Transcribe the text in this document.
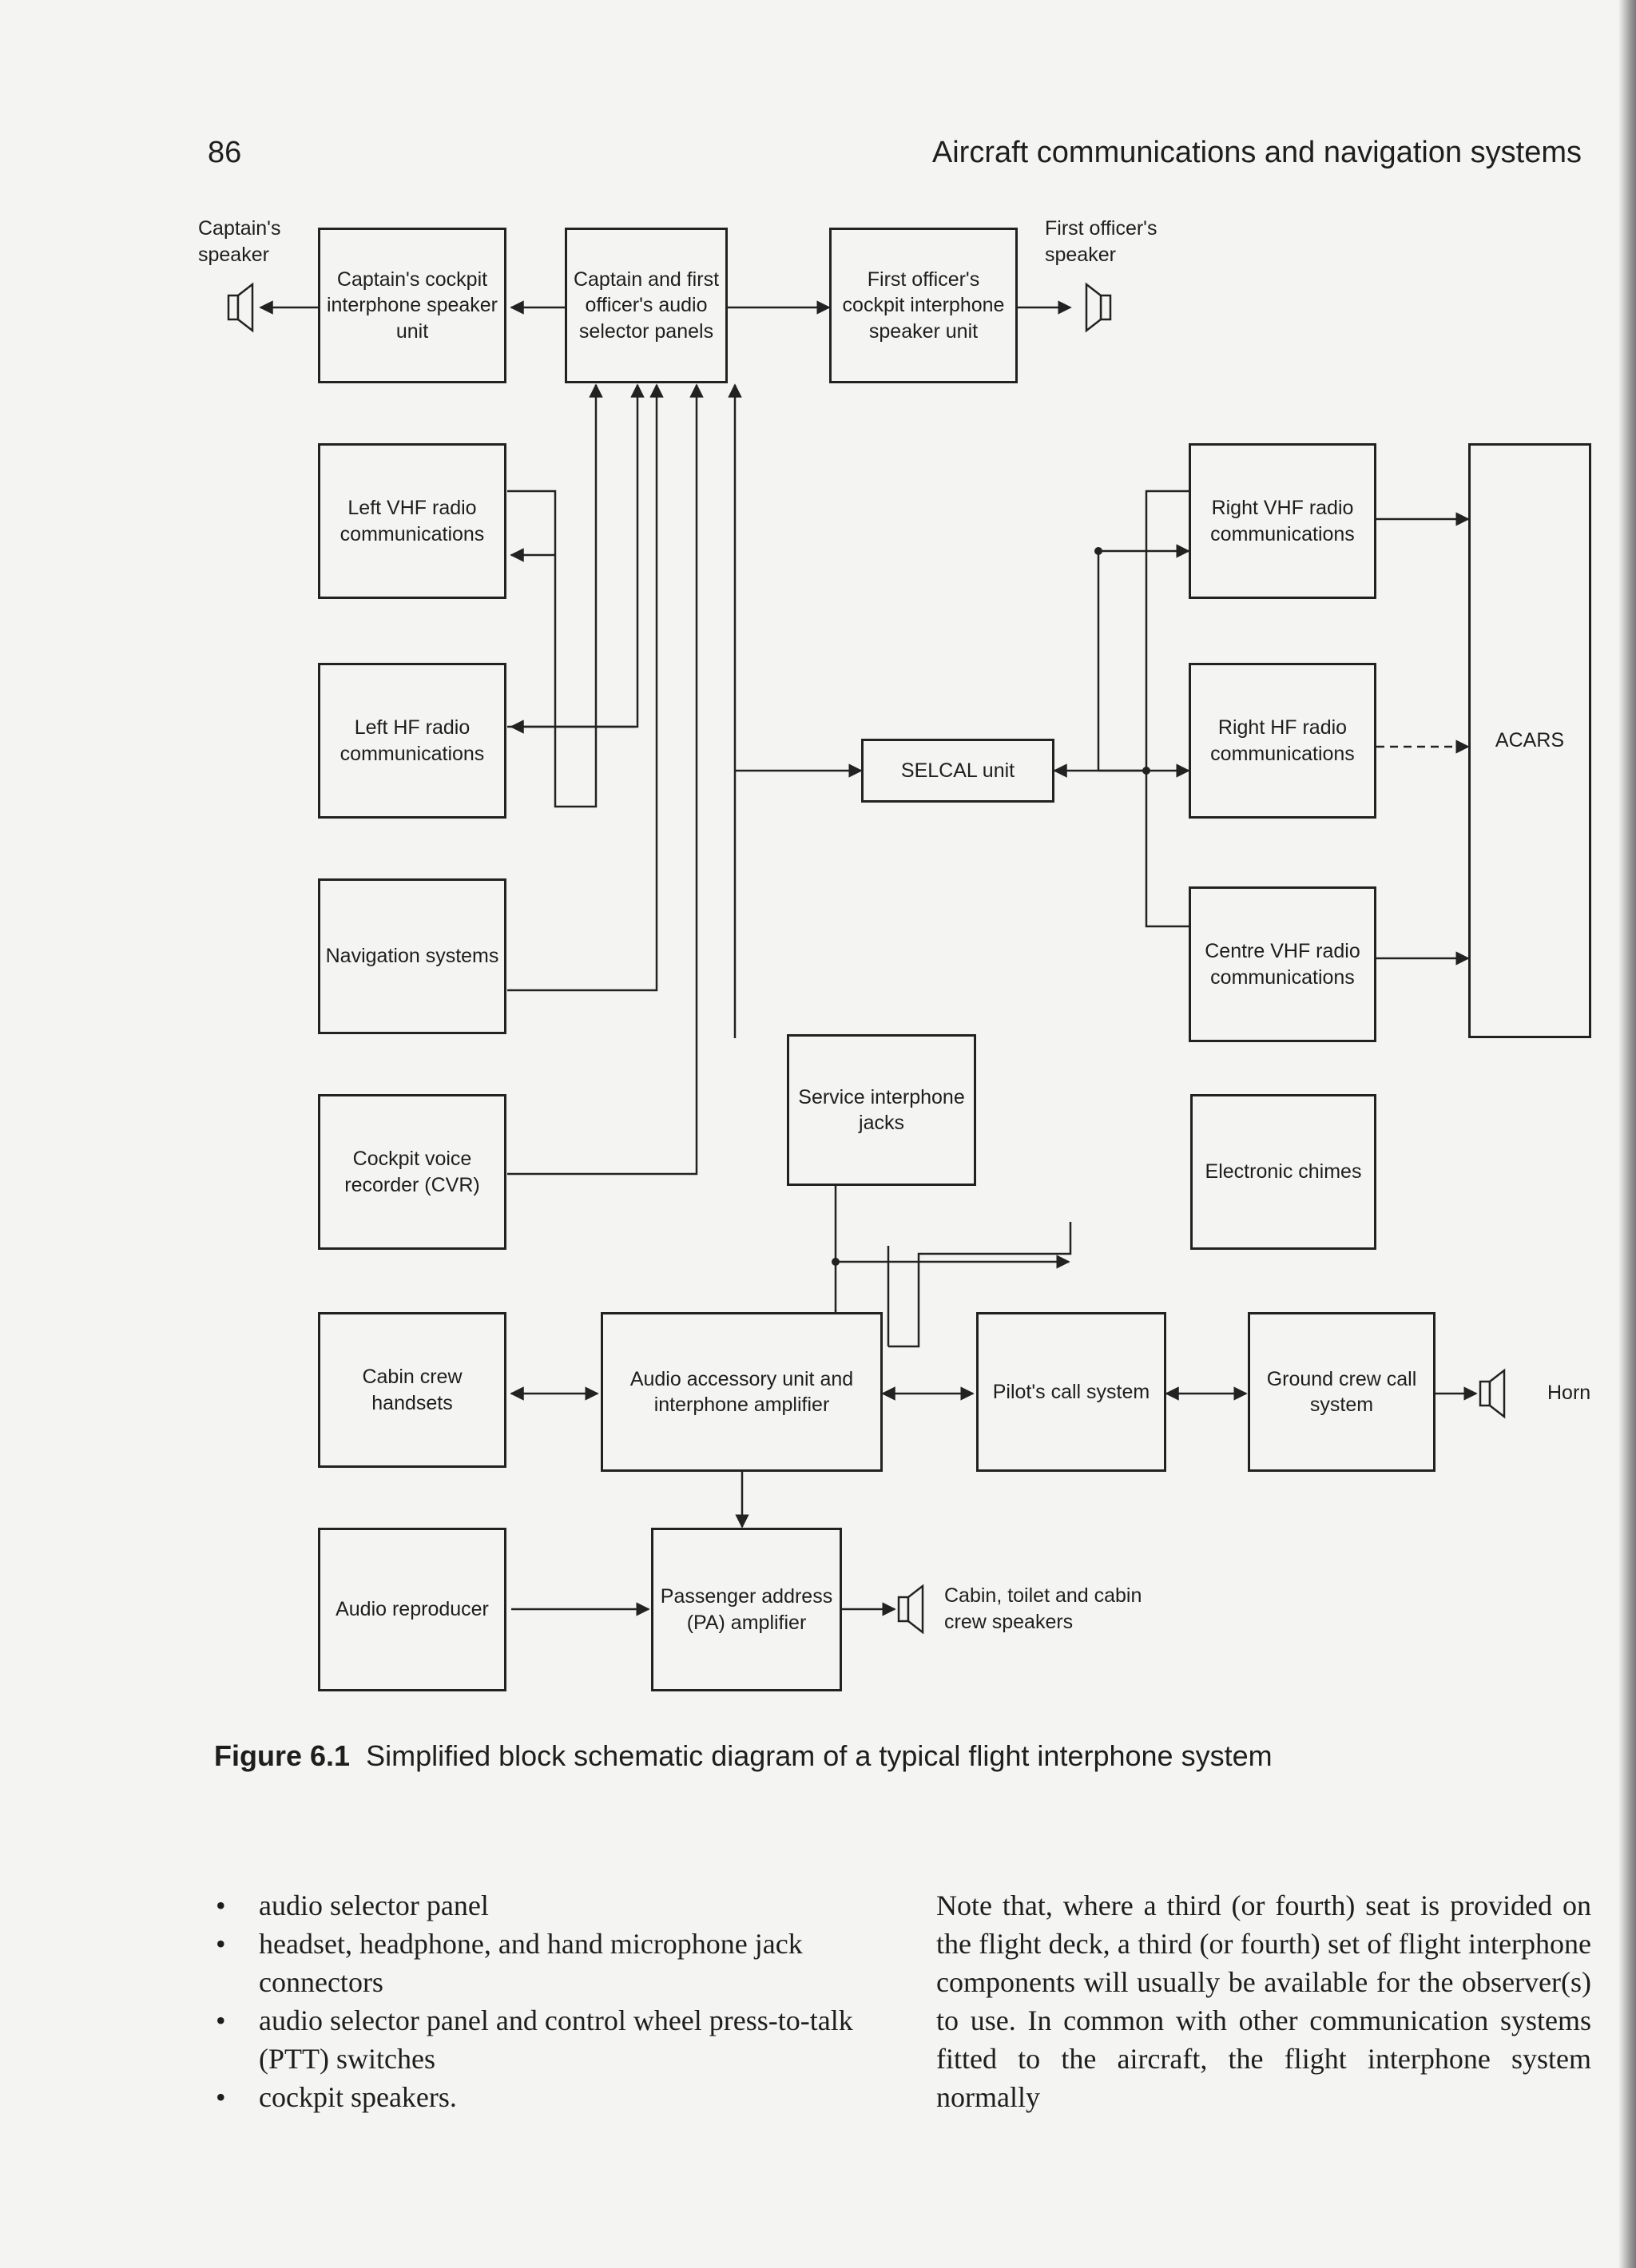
86	Aircraft communications and navigation systems
Captain's speaker
First officer's speaker
Captain's cockpit interphone speaker unit
Captain and first officer's audio selector panels
First officer's cockpit interphone speaker unit
Left VHF radio communications
Left HF radio communications
Navigation systems
Cockpit voice recorder (CVR)
Cabin crew handsets
Audio reproducer
SELCAL unit
Service interphone jacks
Audio accessory unit and interphone amplifier
Passenger address (PA) amplifier
Right VHF radio communications
Right HF radio communications
Centre VHF radio communications
ACARS
Electronic chimes
Pilot's call system
Ground crew call system
Horn
Cabin, toilet and cabin crew speakers
Figure 6.1 Simplified block schematic diagram of a typical flight interphone system
• audio selector panel
• headset, headphone, and hand microphone jack connectors
• audio selector panel and control wheel press-to-talk (PTT) switches
• cockpit speakers.
Note that, where a third (or fourth) seat is provided on the flight deck, a third (or fourth) set of flight interphone components will usually be available for the observer(s) to use. In common with other communication systems fitted to the aircraft, the flight interphone system normally
